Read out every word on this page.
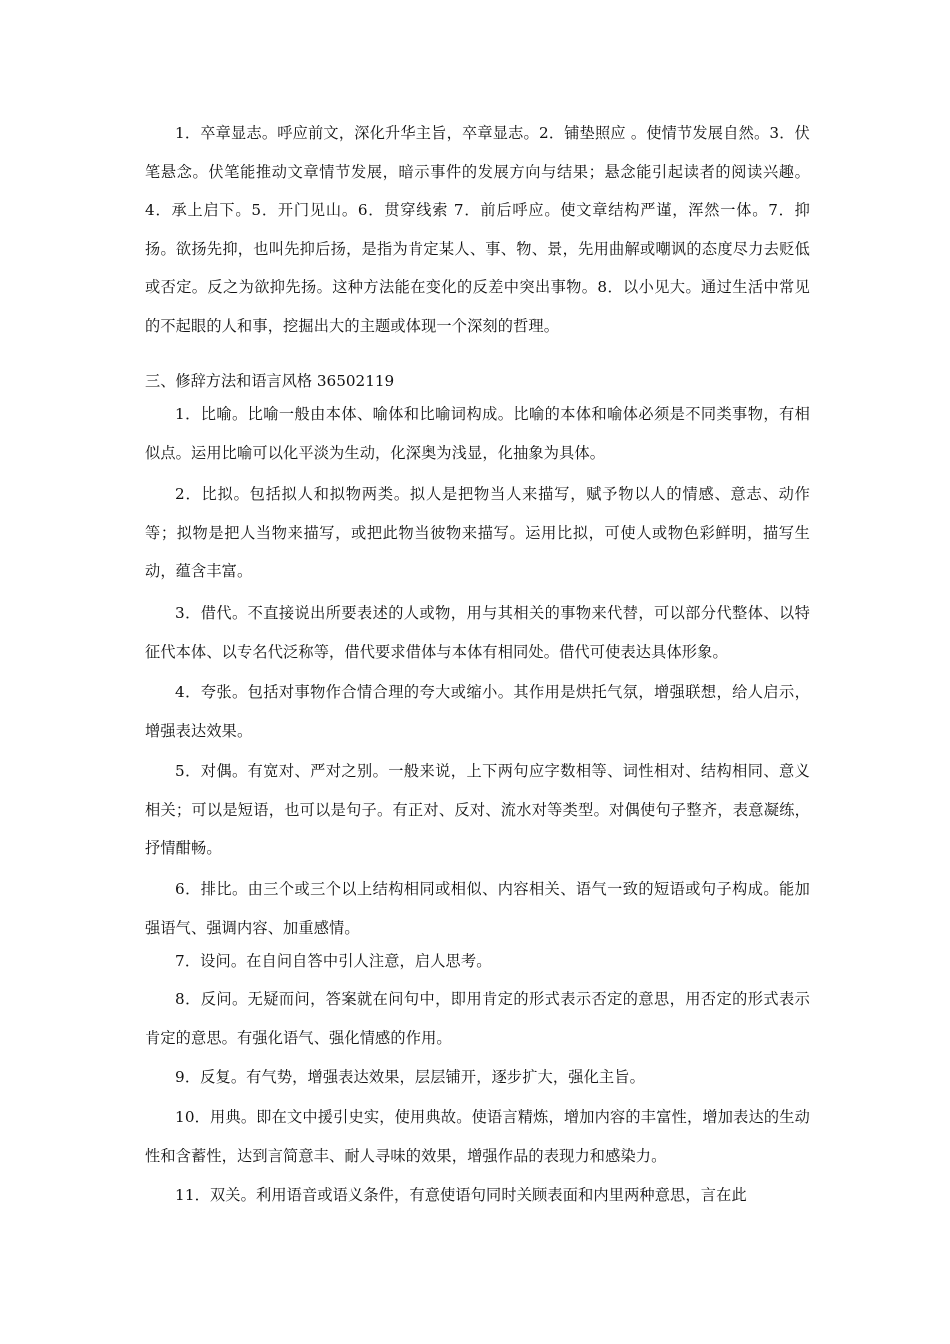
1．卒章显志。呼应前文，深化升华主旨，卒章显志。2．铺垫照应 。使情节发展自然。3．伏笔悬念。伏笔能推动文章情节发展，暗示事件的发展方向与结果；悬念能引起读者的阅读兴趣。4．承上启下。5．开门见山。6．贯穿线索 7．前后呼应。使文章结构严谨，浑然一体。7．抑扬。欲扬先抑，也叫先抑后扬，是指为肯定某人、事、物、景，先用曲解或嘲讽的态度尽力去贬低或否定。反之为欲抑先扬。这种方法能在变化的反差中突出事物。8．以小见大。通过生活中常见的不起眼的人和事，挖掘出大的主题或体现一个深刻的哲理。

三、修辞方法和语言风格 36502119

1．比喻。比喻一般由本体、喻体和比喻词构成。比喻的本体和喻体必须是不同类事物，有相似点。运用比喻可以化平淡为生动，化深奥为浅显，化抽象为具体。

2．比拟。包括拟人和拟物两类。拟人是把物当人来描写，赋予物以人的情感、意志、动作等；拟物是把人当物来描写，或把此物当彼物来描写。运用比拟，可使人或物色彩鲜明，描写生动，蕴含丰富。

3．借代。不直接说出所要表述的人或物，用与其相关的事物来代替，可以部分代整体、以特征代本体、以专名代泛称等，借代要求借体与本体有相同处。借代可使表达具体形象。

4．夸张。包括对事物作合情合理的夸大或缩小。其作用是烘托气氛，增强联想，给人启示，增强表达效果。

5．对偶。有宽对、严对之别。一般来说，上下两句应字数相等、词性相对、结构相同、意义相关；可以是短语，也可以是句子。有正对、反对、流水对等类型。对偶使句子整齐，表意凝练，抒情酣畅。

6．排比。由三个或三个以上结构相同或相似、内容相关、语气一致的短语或句子构成。能加强语气、强调内容、加重感情。

7．设问。在自问自答中引人注意，启人思考。

8．反问。无疑而问，答案就在问句中，即用肯定的形式表示否定的意思，用否定的形式表示肯定的意思。有强化语气、强化情感的作用。

9．反复。有气势，增强表达效果，层层铺开，逐步扩大，强化主旨。

10．用典。即在文中援引史实，使用典故。使语言精炼，增加内容的丰富性，增加表达的生动性和含蓄性，达到言简意丰、耐人寻味的效果，增强作品的表现力和感染力。

11．双关。利用语音或语义条件，有意使语句同时关顾表面和内里两种意思，言在此
